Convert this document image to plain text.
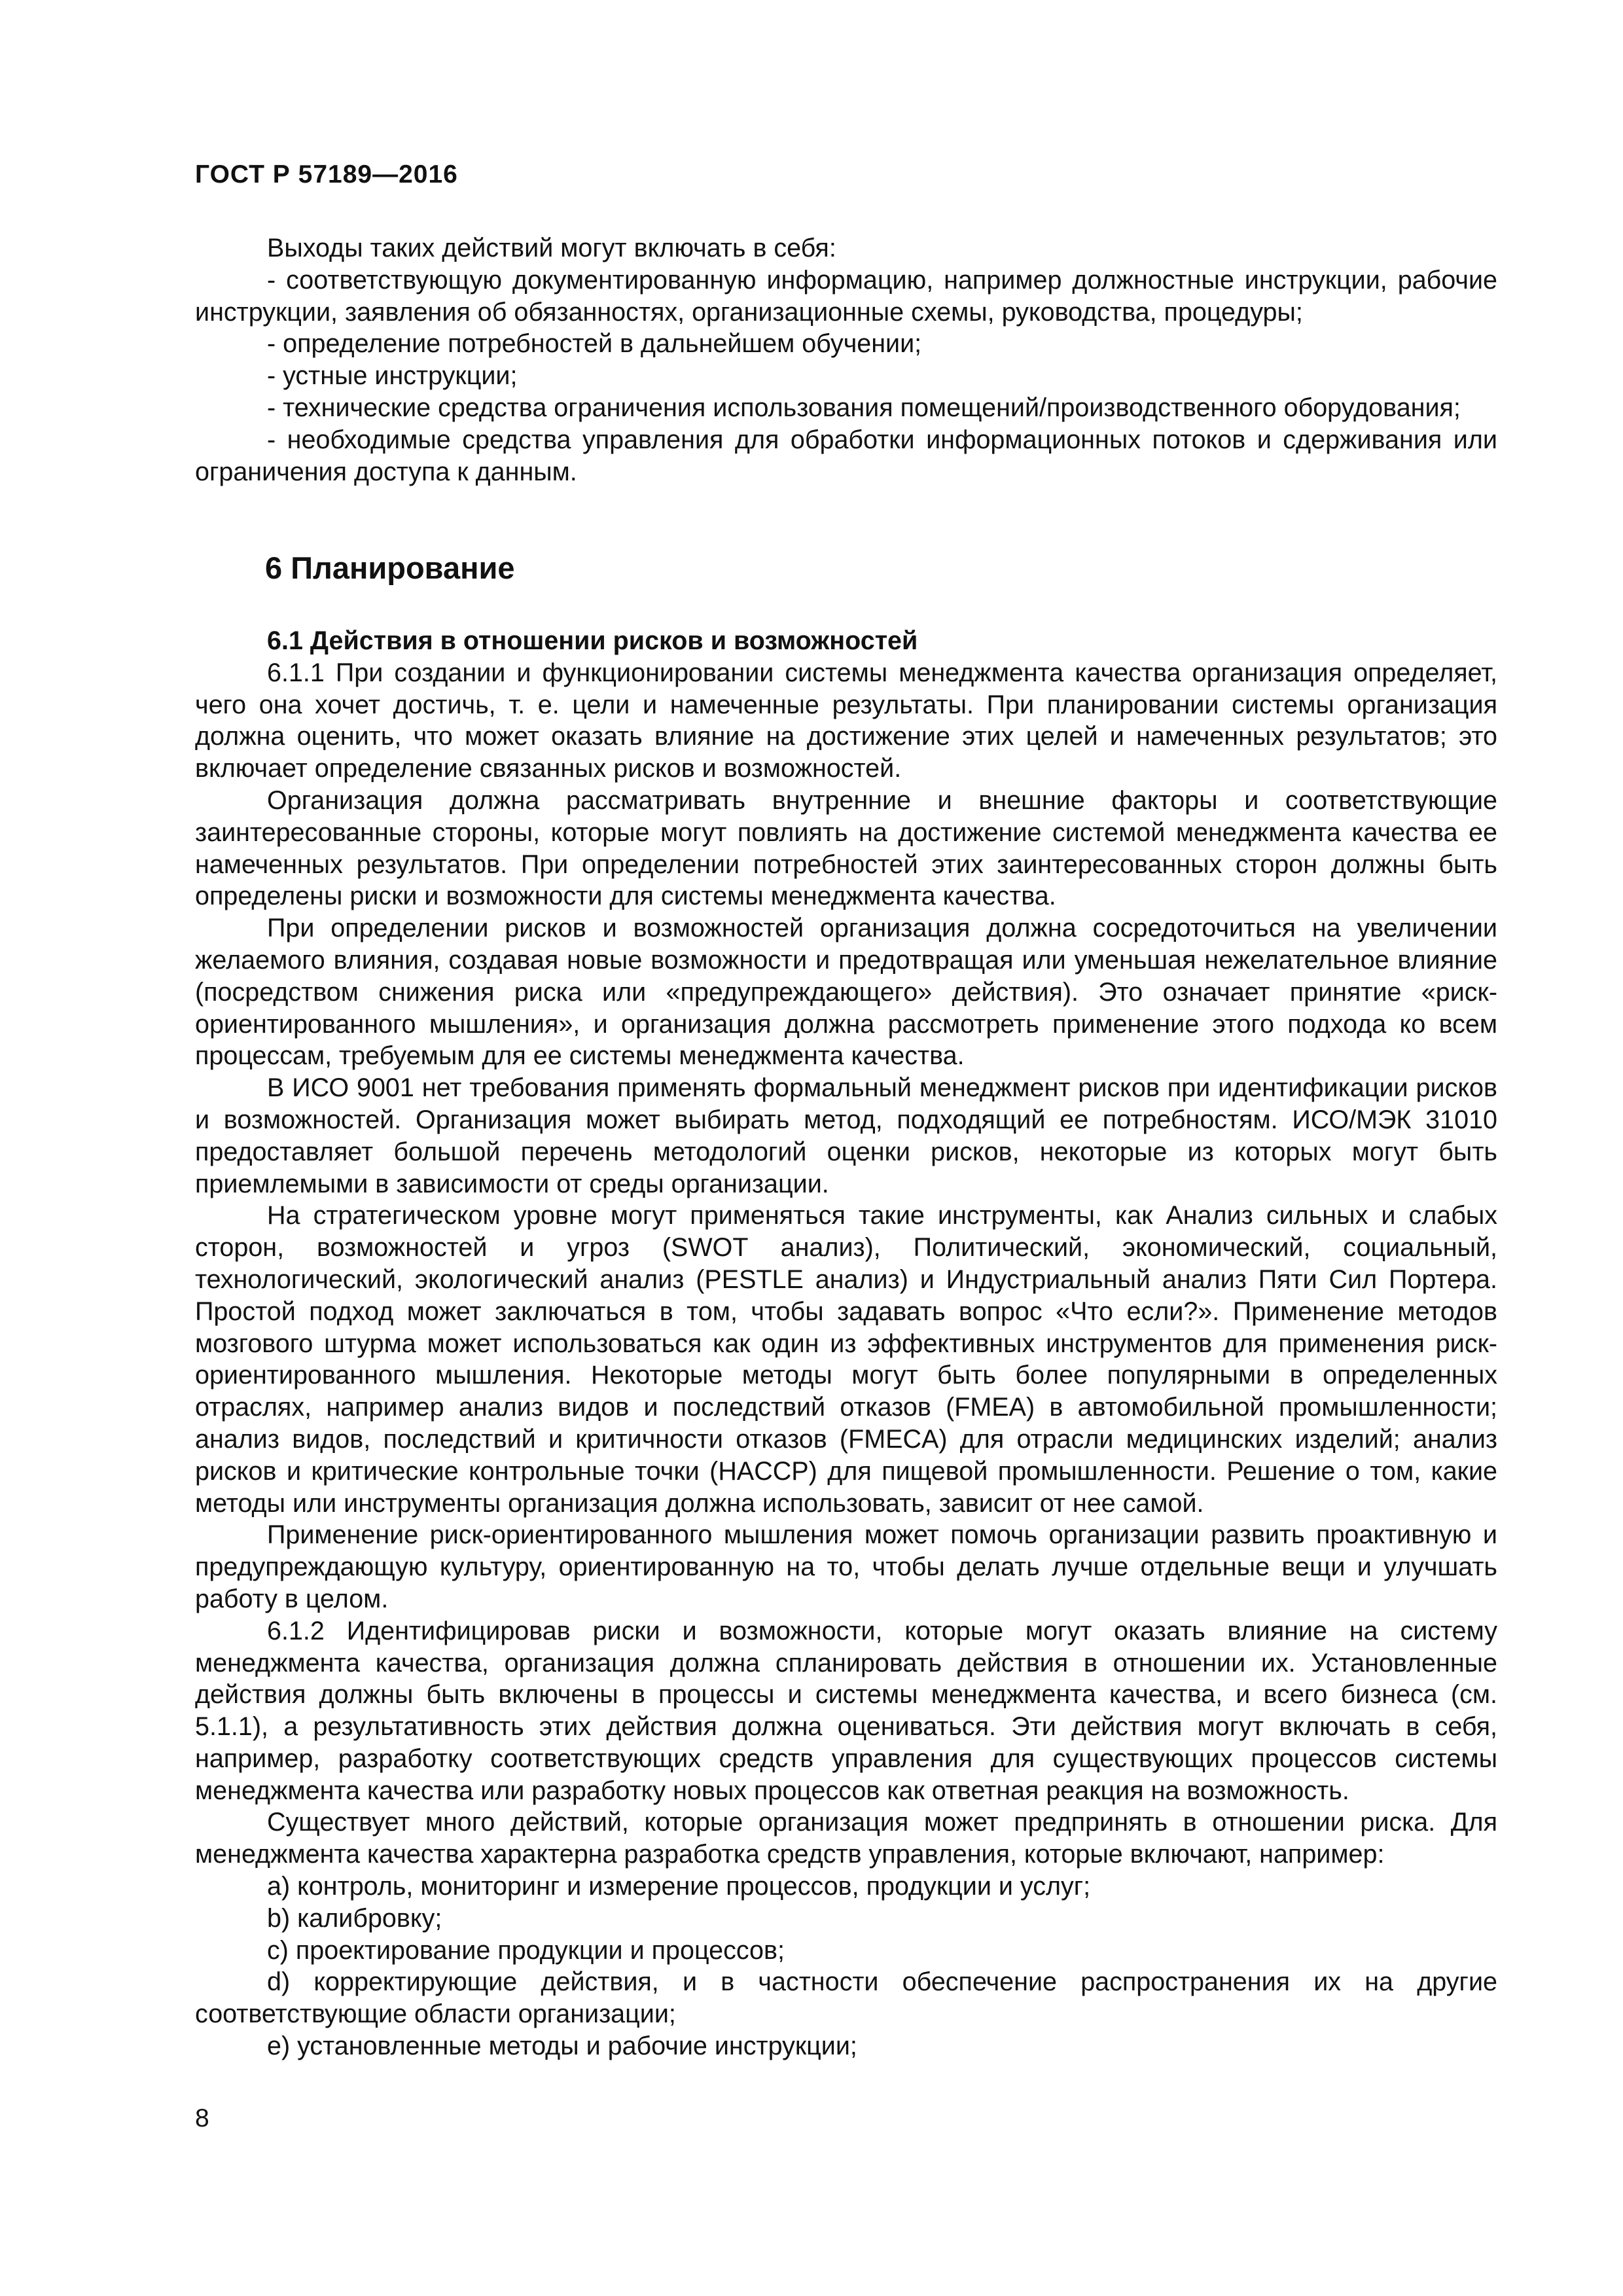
ГОСТ Р 57189—2016

Выходы таких действий могут включать в себя:

- соответствующую документированную информацию, например должностные инструкции, рабочие инструкции, заявления об обязанностях, организационные схемы, руководства, процедуры;

- определение потребностей в дальнейшем обучении;

- устные инструкции;

- технические средства ограничения использования помещений/производственного оборудования;

- необходимые средства управления для обработки информационных потоков и сдерживания или ограничения доступа к данным.

6 Планирование

6.1 Действия в отношении рисков и возможностей

6.1.1 При создании и функционировании системы менеджмента качества организация определяет, чего она хочет достичь, т. е. цели и намеченные результаты. При планировании системы организация должна оценить, что может оказать влияние на достижение этих целей и намеченных результатов; это включает определение связанных рисков и возможностей.

Организация должна рассматривать внутренние и внешние факторы и соответствующие заинтересованные стороны, которые могут повлиять на достижение системой менеджмента качества ее намеченных результатов. При определении потребностей этих заинтересованных сторон должны быть определены риски и возможности для системы менеджмента качества.

При определении рисков и возможностей организация должна сосредоточиться на увеличении желаемого влияния, создавая новые возможности и предотвращая или уменьшая нежелательное влияние (посредством снижения риска или «предупреждающего» действия). Это означает принятие «риск-ориентированного мышления», и организация должна рассмотреть применение этого подхода ко всем процессам, требуемым для ее системы менеджмента качества.

В ИСО 9001 нет требования применять формальный менеджмент рисков при идентификации рисков и возможностей. Организация может выбирать метод, подходящий ее потребностям. ИСО/МЭК 31010 предоставляет большой перечень методологий оценки рисков, некоторые из которых могут быть приемлемыми в зависимости от среды организации.

На стратегическом уровне могут применяться такие инструменты, как Анализ сильных и слабых сторон, возможностей и угроз (SWOT анализ), Политический, экономический, социальный, технологический, экологический анализ (PESTLE анализ) и Индустриальный анализ Пяти Сил Портера. Простой подход может заключаться в том, чтобы задавать вопрос «Что если?». Применение методов мозгового штурма может использоваться как один из эффективных инструментов для применения риск-ориентированного мышления. Некоторые методы могут быть более популярными в определенных отраслях, например анализ видов и последствий отказов (FMEA) в автомобильной промышленности; анализ видов, последствий и критичности отказов (FMECA) для отрасли медицинских изделий; анализ рисков и критические контрольные точки (HACCP) для пищевой промышленности. Решение о том, какие методы или инструменты организация должна использовать, зависит от нее самой.

Применение риск-ориентированного мышления может помочь организации развить проактивную и предупреждающую культуру, ориентированную на то, чтобы делать лучше отдельные вещи и улучшать работу в целом.

6.1.2 Идентифицировав риски и возможности, которые могут оказать влияние на систему менеджмента качества, организация должна спланировать действия в отношении их. Установленные действия должны быть включены в процессы и системы менеджмента качества, и всего бизнеса (см. 5.1.1), а результативность этих действия должна оцениваться. Эти действия могут включать в себя, например, разработку соответствующих средств управления для существующих процессов системы менеджмента качества или разработку новых процессов как ответная реакция на возможность.

Существует много действий, которые организация может предпринять в отношении риска. Для менеджмента качества характерна разработка средств управления, которые включают, например:

a) контроль, мониторинг и измерение процессов, продукции и услуг;

b) калибровку;

c) проектирование продукции и процессов;

d) корректирующие действия, и в частности обеспечение распространения их на другие соответствующие области организации;

e) установленные методы и рабочие инструкции;

8
